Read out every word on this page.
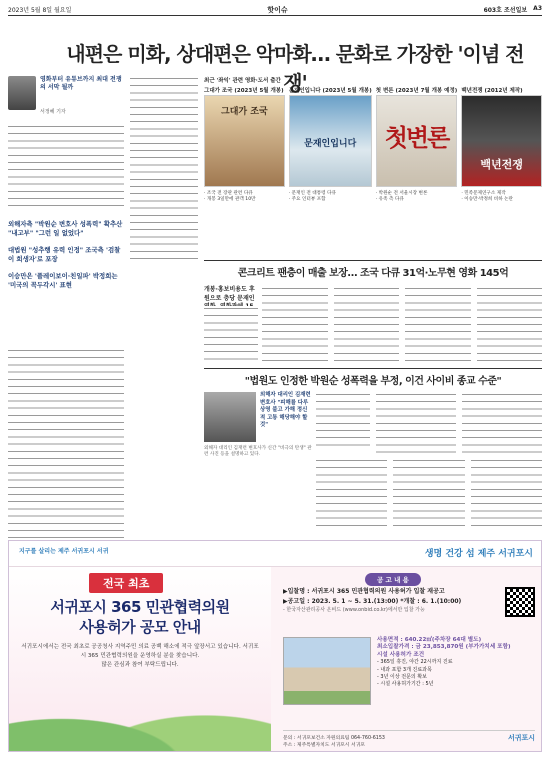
2023년 5월 8일 월요일	핫이슈	603호 조선일보 A3
내편은 미화, 상대편은 악마화… 문화로 가장한 '이념 전쟁'
영화부터 유튜브까지 최대 전쟁의 서막 될까
서정혜 기자

외해자측 "박원순 변호사 성폭력" 확추산 "내고부" "그런 일 없었다"

대법원 "성추행 유력 인정" 조국측 '검찰이 희생자'로 포장

이승만은 '플레이보이·친일파' 박정희는 '미국의 꼭두각시' 표현

최근 '좌익' 관련 영화·도서 출간
그대가 조국 (2023년 5월 개봉)
그대가 조국
· 조국 전 장관 관련 다큐
· 개봉 3일만에 관객 10만
문재인입니다 (2023년 5월 개봉)
문재인입니다
· 문재인 전 대통령 다큐
· 주요 인터뷰 포함
첫 변론 (2023년 7월 개봉 예정)
첫변론
· 박원순 전 서울시장 변론
· 유족 측 다큐
백년전쟁 (2012년 제작)
백년전쟁
· 민족문제연구소 제작
· 이승만·박정희 비하 논란
콘크리트 팬층이 매출 보장… 조국 다큐 31억·노무현 영화 145억
개봉·홍보비용도 후원으로 충당 문재인
"법원도 인정한 박원순 성폭력을 부정, 이건 사이비 종교 수준"
외해자 대리인 김재련 변호사 "피해를 다루 상영 불고 가해 정신적 고통 해당해야 할 것"
외해자 대리인 김재련 변호사가 신간 "비극의 탄생" 관련 사진 등을 설명하고 있다.
지구를 살리는 제주 서귀포시 서귀	생명 건강 섬 제주 서귀포시
전국 최초
서귀포시 365 민관협력의원
사용허가 공모 안내
서귀포시에서는 전국 최초로 공공청사 지역주민 의료 공백 해소에 적극 앞장서고 있습니다. 서귀포시 365 민관협력의원을 운영하실 분을 찾습니다.
많은 관심과 참여 부탁드립니다.
공 고 내 용
▶입찰명 : 서귀포시 365 민관협력의원 사용허가 입찰 재공고
▶공고일 : 2023. 5. 1 ~ 5. 31.(13:00) *개찰 : 6. 1.(10:00)
- 한국자산관리공사 온비드 (www.onbid.co.kr)에서만 입찰 가능
사용면적 : 640.22㎡(주차장 64대 별도)
최소입찰가격 : 금 23,853,870원 (부가가치세 포함)
시설 사용허가 조건
- 365일 휴진, 야간 22시까지 진료
- 내과 포함 3개 진료과목
- 3년 이상 전문의 확보
- 시설 사용허가기간 : 5년
문의 : 서귀포보건소 자원의료팀 064-760-6153
주소 : 제주특별자치도 서귀포시 서귀포
서귀포시
